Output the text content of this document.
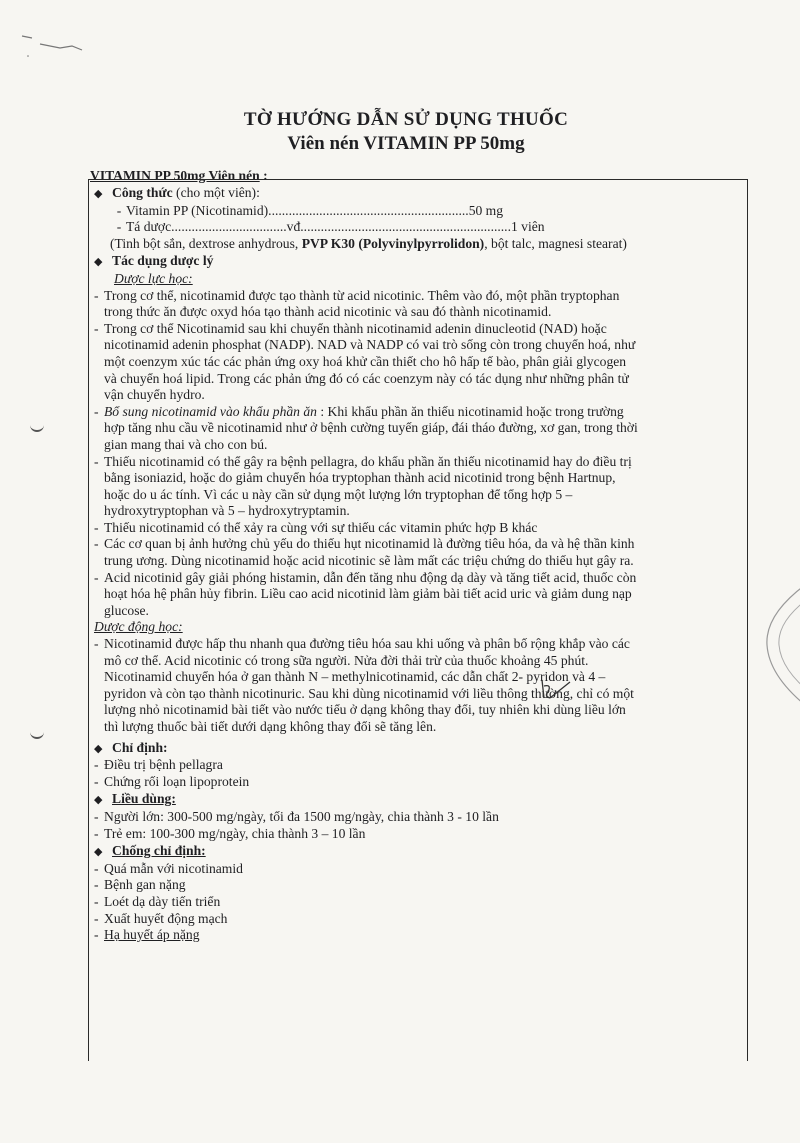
TỜ HƯỚNG DẪN SỬ DỤNG THUỐC
Viên nén VITAMIN PP 50mg
VITAMIN PP 50mg Viên nén :
◆ Công thức (cho một viên):
- Vitamin PP (Nicotinamid) ........................................................... 50 mg
- Tá dược .................................. vđ .............................................................. 1 viên
(Tinh bột sắn, dextrose anhydrous, PVP K30 (Polyvinylpyrrolidon), bột talc, magnesi stearat)
◆ Tác dụng dược lý
Dược lực học:
- Trong cơ thể, nicotinamid được tạo thành từ acid nicotinic. Thêm vào đó, một phần tryptophan
trong thức ăn được oxyd hóa tạo thành acid nicotinic và sau đó thành nicotinamid.
- Trong cơ thể Nicotinamid sau khi chuyển thành nicotinamid adenin dinucleotid (NAD) hoặc
nicotinamid adenin phosphat (NADP). NAD và NADP có vai trò sống còn trong chuyển hoá, như
một coenzym xúc tác các phản ứng oxy hoá khử cần thiết cho hô hấp tế bào, phân giải glycogen
và chuyển hoá lipid. Trong các phản ứng đó có các coenzym này có tác dụng như những phân tử
vận chuyển hydro.
- Bổ sung nicotinamid vào khẩu phần ăn : Khi khẩu phần ăn thiếu nicotinamid hoặc trong trường
hợp tăng nhu cầu về nicotinamid như ở bệnh cường tuyến giáp, đái tháo đường, xơ gan, trong thời
gian mang thai và cho con bú.
- Thiếu nicotinamid có thể gây ra bệnh pellagra, do khẩu phần ăn thiếu nicotinamid hay do điều trị
bằng isoniazid, hoặc do giảm chuyển hóa tryptophan thành acid nicotinid trong bệnh Hartnup,
hoặc do u ác tính. Vì các u này cần sử dụng một lượng lớn tryptophan để tổng hợp 5 –
hydroxytryptophan và 5 – hydroxytryptamin.
- Thiếu nicotinamid có thể xảy ra cùng với sự thiếu các vitamin phức hợp B khác
- Các cơ quan bị ảnh hưởng chủ yếu do thiếu hụt nicotinamid là đường tiêu hóa, da và hệ thần kinh
trung ương. Dùng nicotinamid hoặc acid nicotinic sẽ làm mất các triệu chứng do thiếu hụt gây ra.
- Acid nicotinid gây giải phóng histamin, dẫn đến tăng nhu động dạ dày và tăng tiết acid, thuốc còn
hoạt hóa hệ phân hủy fibrin. Liều cao acid nicotinid làm giảm bài tiết acid uric và giảm dung nạp
glucose.
Dược động học:
- Nicotinamid được hấp thu nhanh qua đường tiêu hóa sau khi uống và phân bố rộng khắp vào các
mô cơ thể. Acid nicotinic có trong sữa người. Nửa đời thải trừ của thuốc khoảng 45 phút.
Nicotinamid chuyển hóa ở gan thành N – methylnicotinamid, các dẫn chất 2- pyridon và 4 –
pyridon và còn tạo thành nicotinuric. Sau khi dùng nicotinamid với liều thông thường, chỉ có một
lượng nhỏ nicotinamid bài tiết vào nước tiểu ở dạng không thay đổi, tuy nhiên khi dùng liều lớn
thì lượng thuốc bài tiết dưới dạng không thay đổi sẽ tăng lên.
◆ Chỉ định:
- Điều trị bệnh pellagra
- Chứng rối loạn lipoprotein
◆ Liều dùng:
- Người lớn: 300-500 mg/ngày, tối đa 1500 mg/ngày, chia thành 3 - 10 lần
- Trẻ em: 100-300 mg/ngày, chia thành 3 – 10 lần
◆ Chống chỉ định:
- Quá mẫn với nicotinamid
- Bệnh gan nặng
- Loét dạ dày tiến triển
- Xuất huyết động mạch
- Hạ huyết áp nặng
